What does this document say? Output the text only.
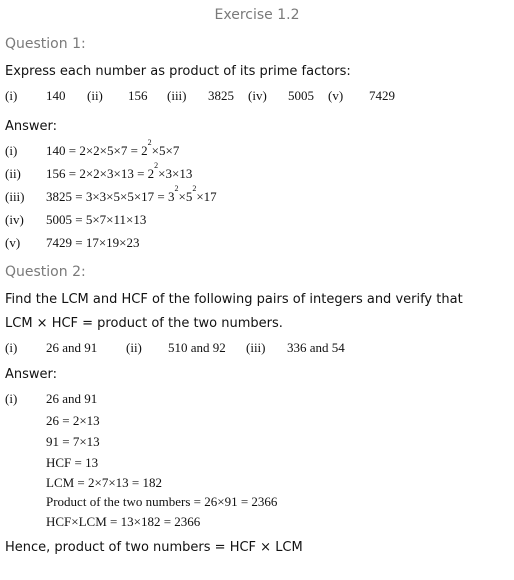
Exercise 1.2
Question 1:
Express each number as product of its prime factors:
(i) 140 (ii) 156 (iii) 3825 (iv) 5005 (v) 7429
Answer:
(i) 140 = 2×2×5×7 = 2
2
×5×7
(ii) 156 = 2×2×3×13 = 2
2
×3×13
(iii) 3825 = 3×3×5×5×17 = 3
2
×5
2
×17
(iv) 5005 = 5×7×11×13
(v) 7429 = 17×19×23
Question 2:
Find the LCM and HCF of the following pairs of integers and verify that
LCM × HCF = product of the two numbers.
(i) 26 and 91 (ii) 510 and 92 (iii) 336 and 54
Answer:
(i) 26 and 91
26 = 2×13
91 = 7×13
HCF = 13
LCM = 2×7×13 = 182
Product of the two numbers = 26×91 = 2366
HCF×LCM = 13×182 = 2366
Hence, product of two numbers = HCF × LCM
